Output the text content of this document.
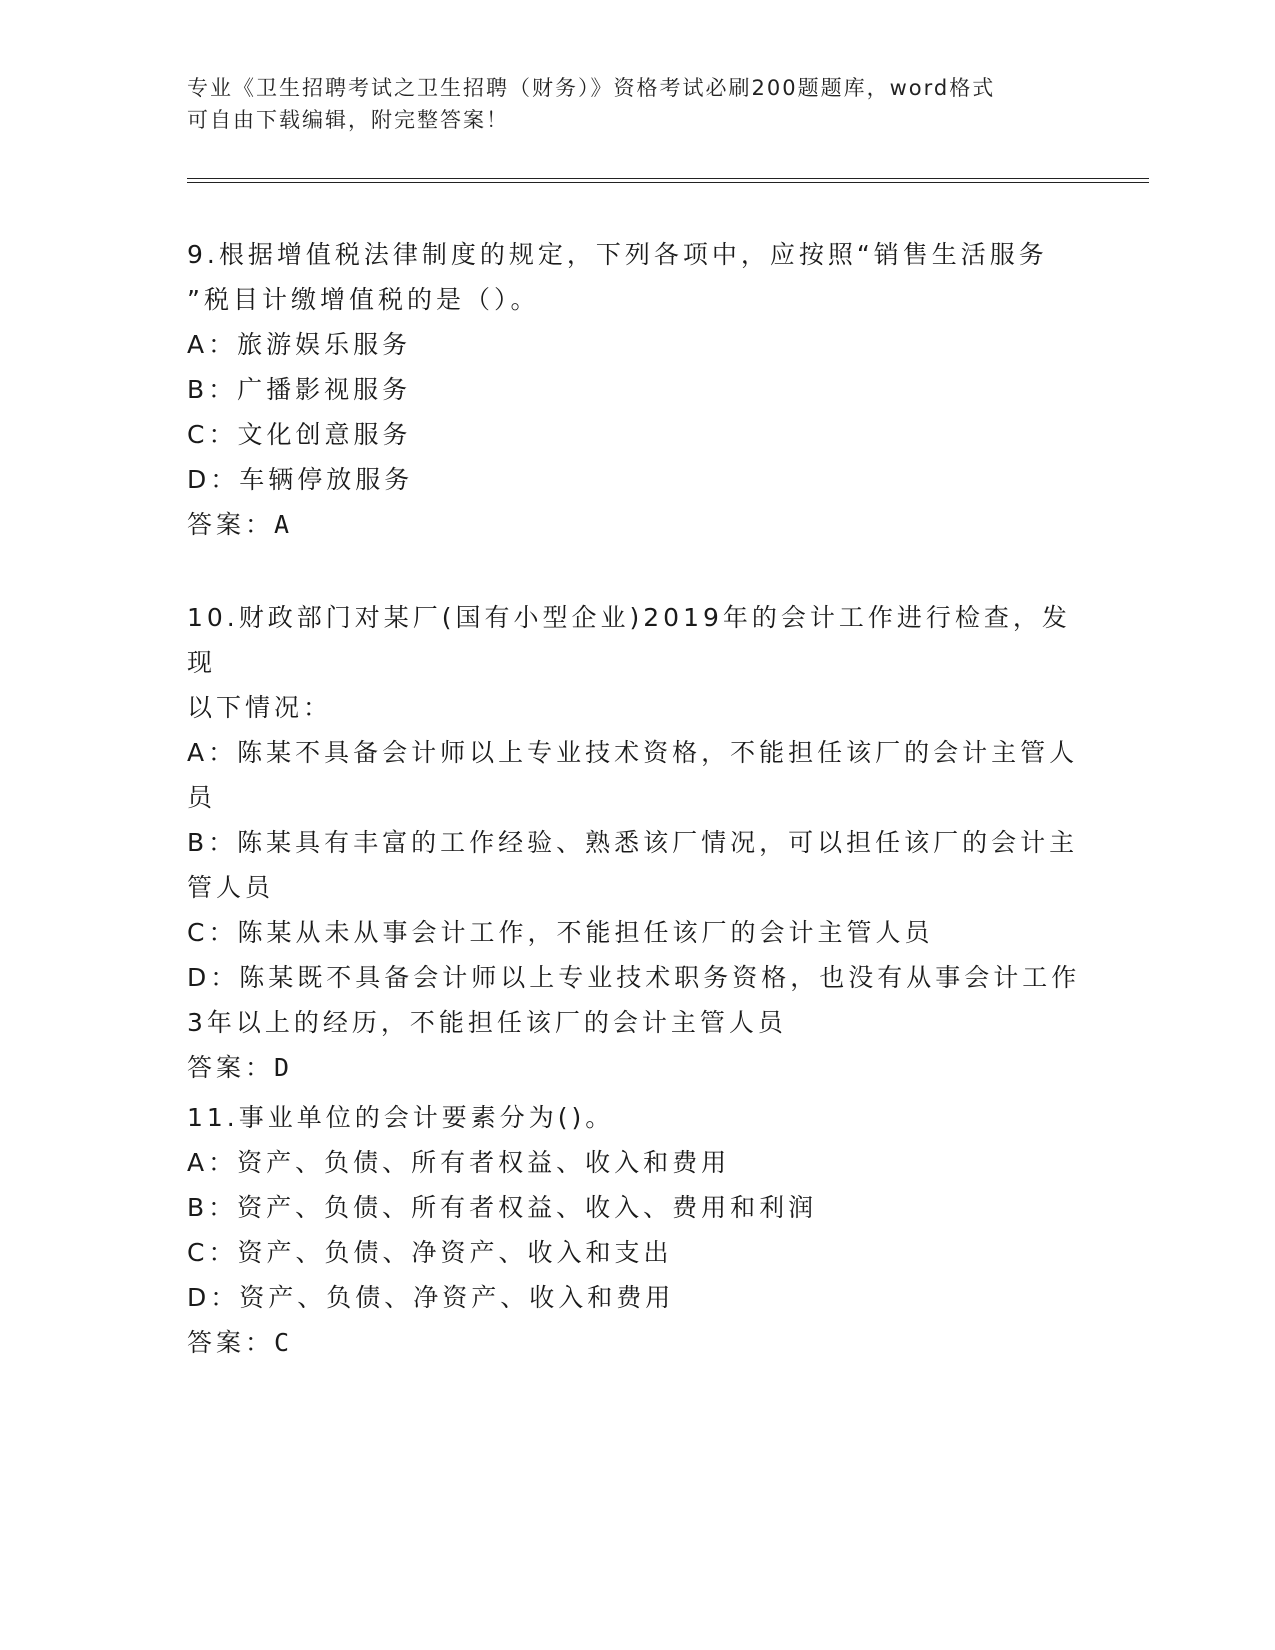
专业《卫生招聘考试之卫生招聘（财务）》资格考试必刷200题题库，word格式
可自由下载编辑，附完整答案！
9.根据增值税法律制度的规定，下列各项中，应按照“销售生活服务
”税目计缴增值税的是（）。
A：旅游娱乐服务
B：广播影视服务
C：文化创意服务
D：车辆停放服务
答案：A
10.财政部门对某厂(国有小型企业)2019年的会计工作进行检查，发现
以下情况：
A：陈某不具备会计师以上专业技术资格，不能担任该厂的会计主管人
员
B：陈某具有丰富的工作经验、熟悉该厂情况，可以担任该厂的会计主
管人员
C：陈某从未从事会计工作，不能担任该厂的会计主管人员
D：陈某既不具备会计师以上专业技术职务资格，也没有从事会计工作
3年以上的经历，不能担任该厂的会计主管人员
答案：D
11.事业单位的会计要素分为()。
A：资产、负债、所有者权益、收入和费用
B：资产、负债、所有者权益、收入、费用和利润
C：资产、负债、净资产、收入和支出
D：资产、负债、净资产、收入和费用
答案：C
